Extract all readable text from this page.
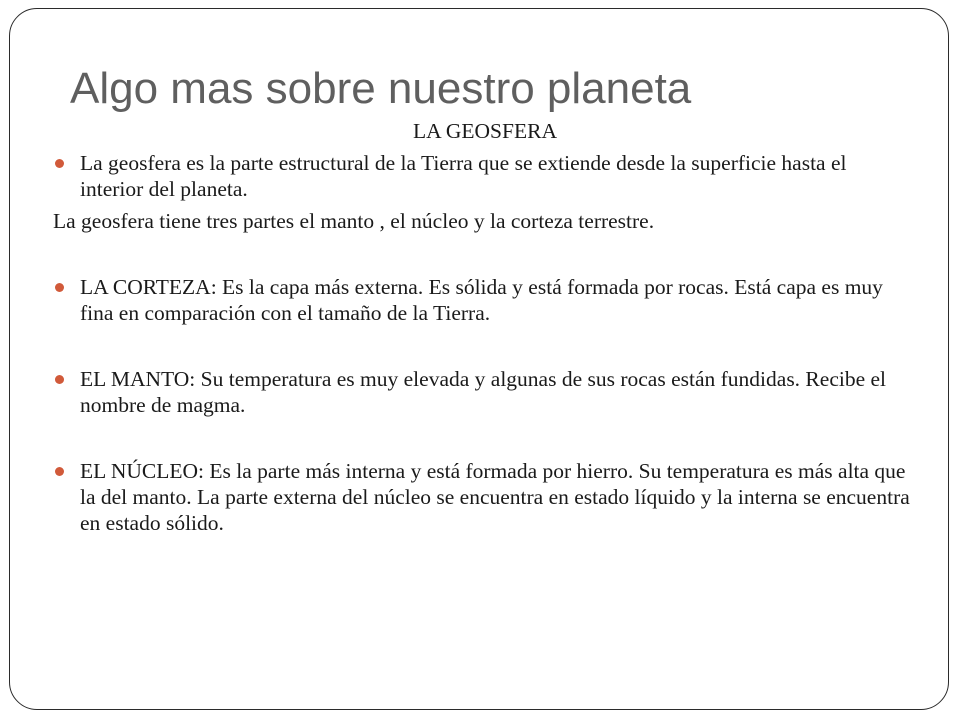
Algo mas sobre nuestro planeta

LA GEOSFERA

La geosfera es la parte estructural de la Tierra que se extiende desde la superficie hasta el interior del planeta.

La geosfera tiene tres partes el manto , el núcleo y la corteza terrestre.

LA CORTEZA: Es la capa más externa. Es sólida y está formada por rocas. Está capa es muy fina en comparación con el tamaño de la Tierra.

EL MANTO: Su temperatura es muy elevada y algunas de sus rocas están fundidas. Recibe el nombre de magma.

EL NÚCLEO: Es la parte más interna y está formada por hierro. Su temperatura es más alta que la del manto. La parte externa del núcleo se encuentra en estado líquido y la interna se encuentra en estado sólido.
